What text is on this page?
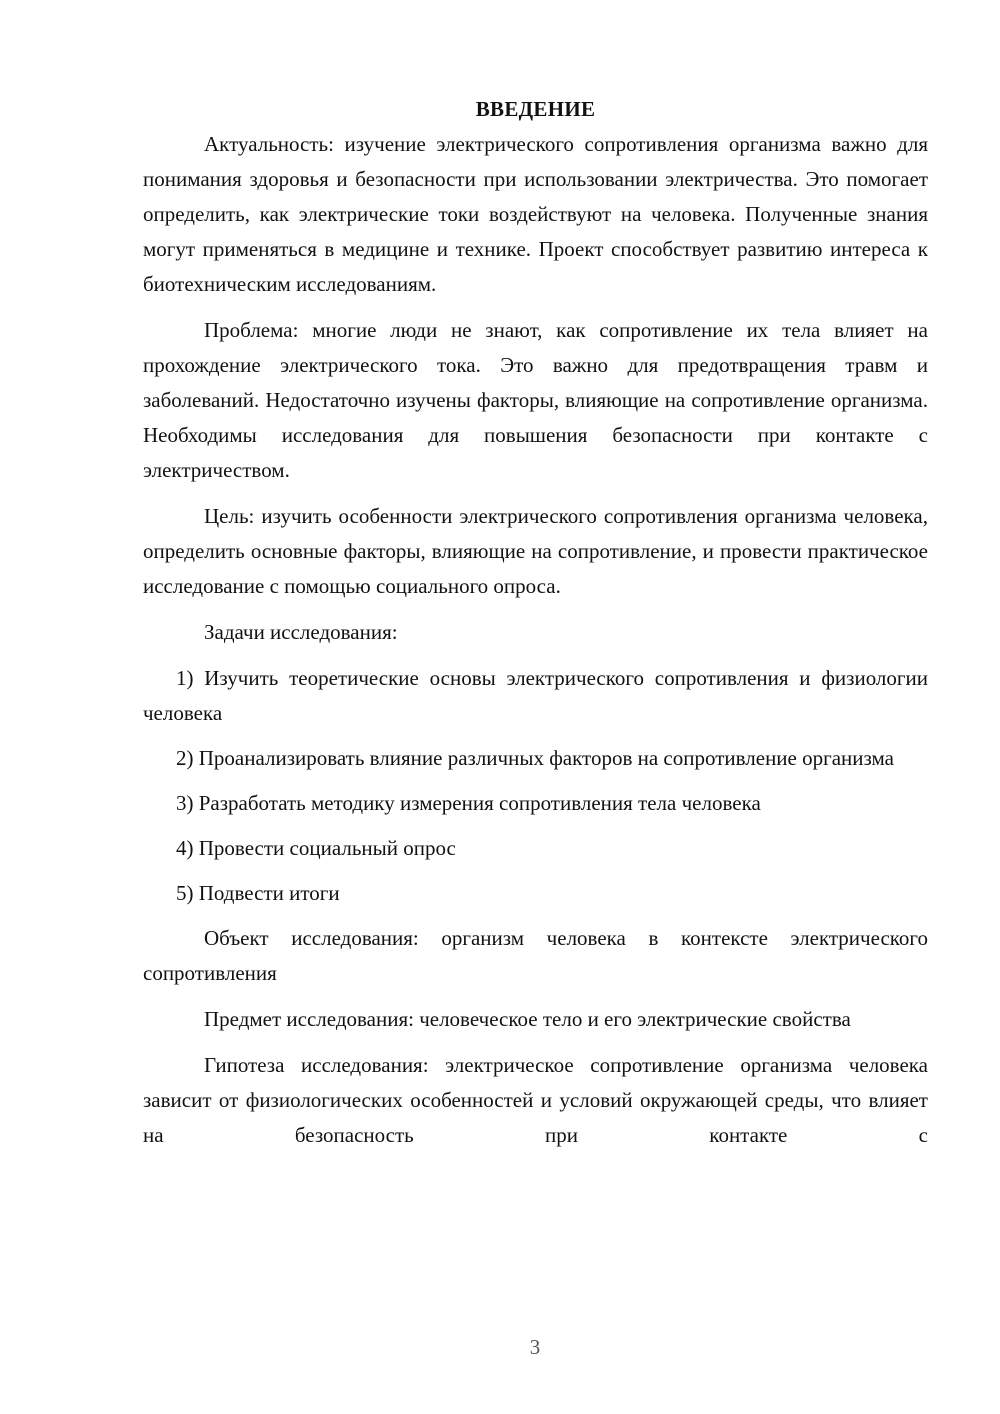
ВВЕДЕНИЕ

Актуальность: изучение электрического сопротивления организма важно для понимания здоровья и безопасности при использовании электричества. Это помогает определить, как электрические токи воздействуют на человека. Полученные знания могут применяться в медицине и технике. Проект способствует развитию интереса к биотехническим исследованиям.

Проблема: многие люди не знают, как сопротивление их тела влияет на прохождение электрического тока. Это важно для предотвращения травм и заболеваний. Недостаточно изучены факторы, влияющие на сопротивление организма. Необходимы исследования для повышения безопасности при контакте с электричеством.

Цель: изучить особенности электрического сопротивления организма человека, определить основные факторы, влияющие на сопротивление, и провести практическое исследование с помощью социального опроса.

Задачи исследования:

1) Изучить теоретические основы электрического сопротивления и физиологии человека

2) Проанализировать влияние различных факторов на сопротивление организма

3) Разработать методику измерения сопротивления тела человека

4) Провести социальный опрос

5) Подвести итоги

Объект исследования: организм человека в контексте электрического сопротивления

Предмет исследования: человеческое тело и его электрические свойства

Гипотеза исследования: электрическое сопротивление организма человека зависит от физиологических особенностей и условий окружающей среды, что влияет на безопасность при контакте с

3
